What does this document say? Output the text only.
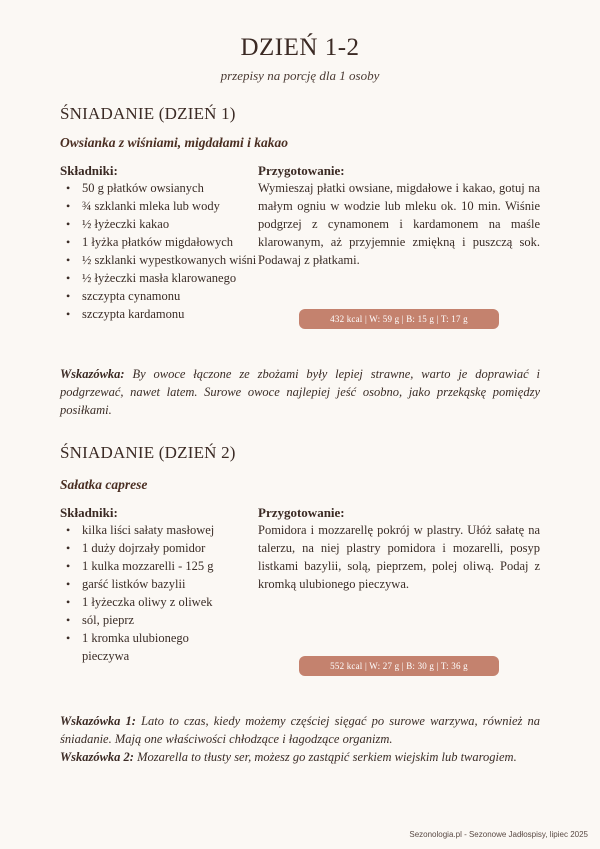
DZIEŃ 1-2

przepisy na porcję dla 1 osoby

ŚNIADANIE (DZIEŃ 1)
Owsianka z wiśniami, migdałami i kakao

Składniki:

• 50 g płatków owsianych
• ¾ szklanki mleka lub wody
• ½ łyżeczki kakao
• 1 łyżka płatków migdałowych
• ½ szklanki wypestkowanych wiśni
• ½ łyżeczki masła klarowanego
• szczypta cynamonu
• szczypta kardamonu

Przygotowanie:

Wymieszaj płatki owsiane, migdałowe i kakao, gotuj na małym ogniu w wodzie lub mleku ok. 10 min. Wiśnie podgrzej z cynamonem i kardamonem na maśle klarowanym, aż przyjemnie zmiękną i puszczą sok. Podawaj z płatkami.

432 kcal | W: 59 g | B: 15 g | T: 17 g

Wskazówka: By owoce łączone ze zbożami były lepiej strawne, warto je doprawiać i podgrzewać, nawet latem. Surowe owoce najlepiej jeść osobno, jako przekąskę pomiędzy posiłkami.

ŚNIADANIE (DZIEŃ 2)
Sałatka caprese

Składniki:

• kilka liści sałaty masłowej
• 1 duży dojrzały pomidor
• 1 kulka mozzarelli - 125 g
• garść listków bazylii
• 1 łyżeczka oliwy z oliwek
• sól, pieprz
• 1 kromka ulubionego pieczywa

Przygotowanie:

Pomidora i mozzarellę pokrój w plastry. Ułóż sałatę na talerzu, na niej plastry pomidora i mozarelli, posyp listkami bazylii, solą, pieprzem, polej oliwą. Podaj z kromką ulubionego pieczywa.

552 kcal | W: 27 g | B: 30 g | T: 36 g

Wskazówka 1: Lato to czas, kiedy możemy częściej sięgać po surowe warzywa, również na śniadanie. Mają one właściwości chłodzące i łagodzące organizm.

Wskazówka 2: Mozarella to tłusty ser, możesz go zastąpić serkiem wiejskim lub twarogiem.

Sezonologia.pl - Sezonowe Jadłospisy, lipiec 2025
